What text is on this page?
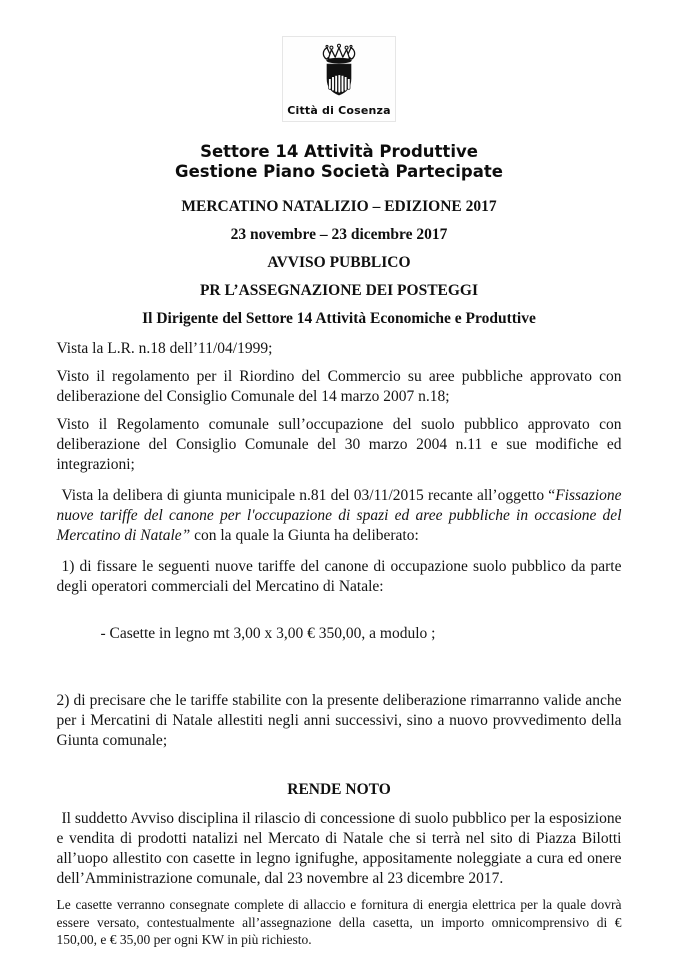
Città di Cosenza
Settore 14 Attività Produttive
Gestione Piano Società Partecipate

MERCATINO NATALIZIO – EDIZIONE 2017

23 novembre – 23 dicembre 2017

AVVISO PUBBLICO

PR L’ASSEGNAZIONE DEI POSTEGGI

Il Dirigente del Settore 14 Attività Economiche e Produttive

Vista la L.R. n.18 dell’11/04/1999;

Visto il regolamento per il Riordino del Commercio su aree pubbliche approvato con deliberazione del Consiglio Comunale del 14 marzo 2007 n.18;

Visto il Regolamento comunale sull’occupazione del suolo pubblico approvato con deliberazione del Consiglio Comunale del 30 marzo 2004 n.11 e sue modifiche ed integrazioni;

Vista la delibera di giunta municipale n.81 del 03/11/2015 recante all’oggetto “Fissazione nuove tariffe del canone per l'occupazione di spazi ed aree pubbliche in occasione del Mercatino di Natale” con la quale la Giunta ha deliberato:

1) di fissare le seguenti nuove tariffe del canone di occupazione suolo pubblico da parte degli operatori commerciali del Mercatino di Natale:

- Casette in legno mt 3,00 x 3,00 € 350,00, a modulo ;

2) di precisare che le tariffe stabilite con la presente deliberazione rimarranno valide anche per i Mercatini di Natale allestiti negli anni successivi, sino a nuovo provvedimento della Giunta comunale;

RENDE NOTO

Il suddetto Avviso disciplina il rilascio di concessione di suolo pubblico per la esposizione e vendita di prodotti natalizi nel Mercato di Natale che si terrà nel sito di Piazza Bilotti all’uopo allestito con casette in legno ignifughe, appositamente noleggiate a cura ed onere dell’Amministrazione comunale, dal 23 novembre al 23 dicembre 2017.

Le casette verranno consegnate complete di allaccio e fornitura di energia elettrica per la quale dovrà essere versato, contestualmente all’assegnazione della casetta, un importo omnicomprensivo di € 150,00, e € 35,00 per ogni KW in più richiesto.
